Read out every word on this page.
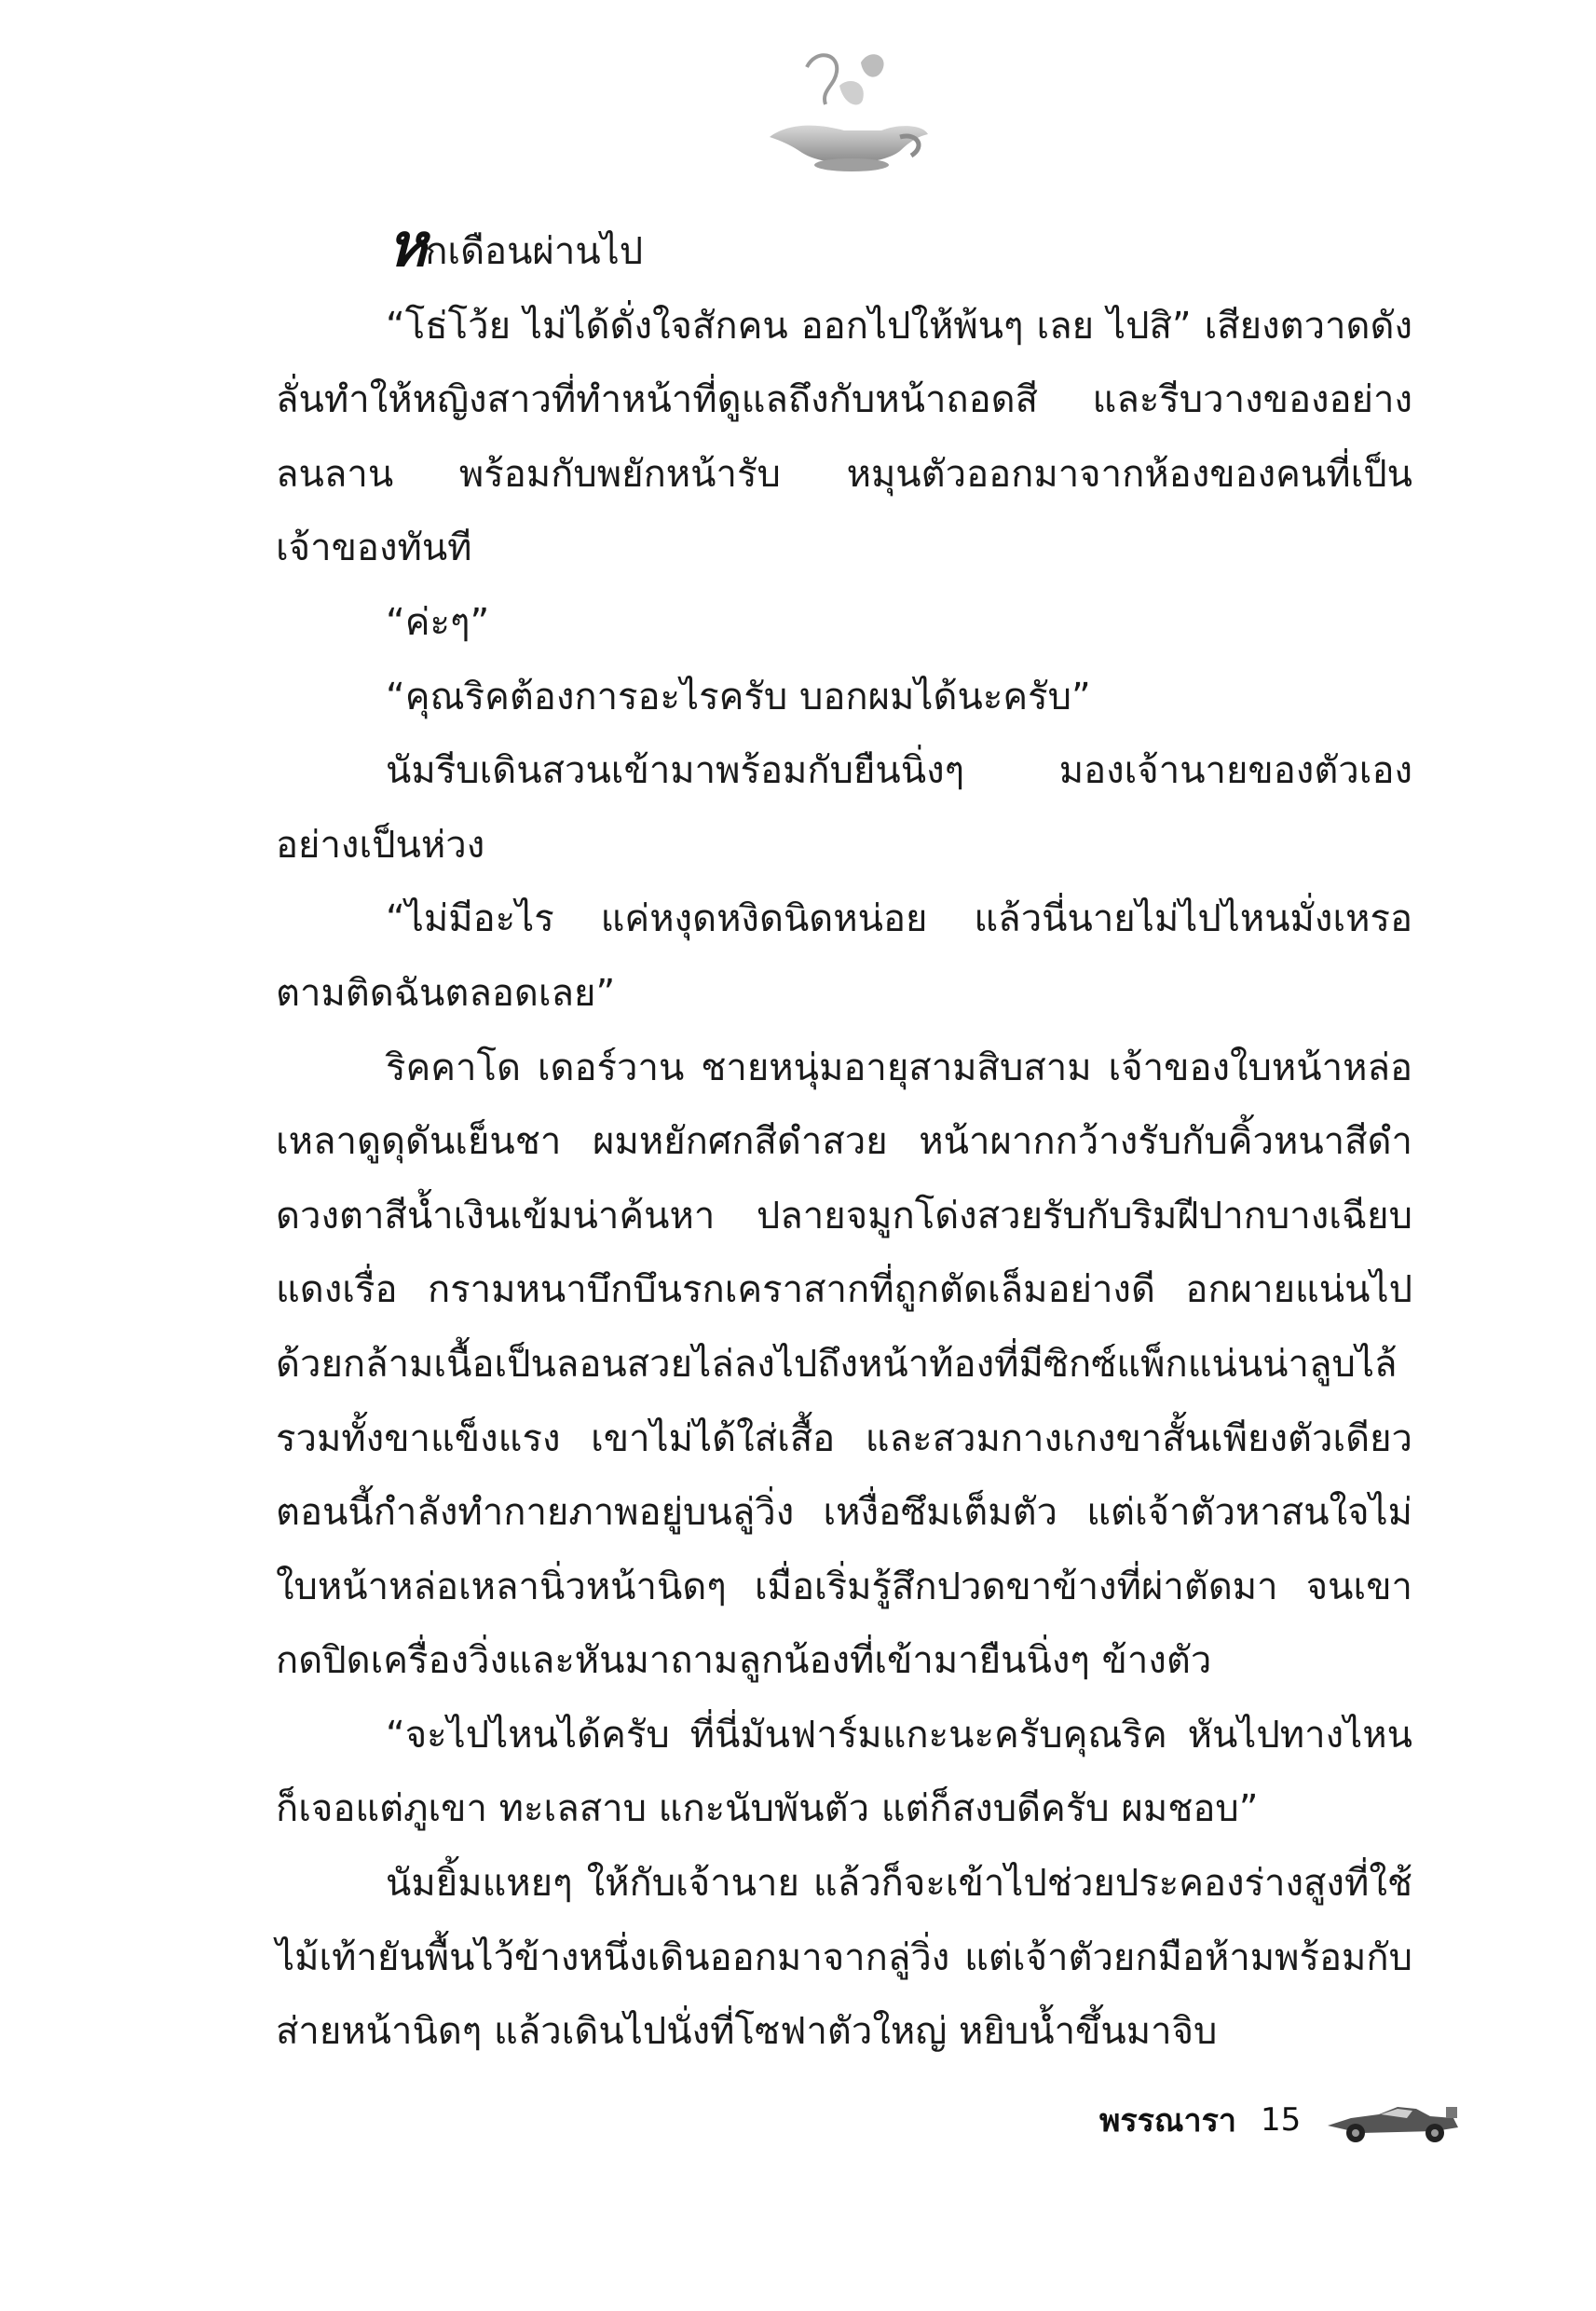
หกเดือนผ่านไป

“โธ่โว้ย ไม่ได้ดั่งใจสักคน ออกไปให้พ้นๆ เลย ไปสิ” เสียงตวาดดังลั่นทำให้หญิงสาวที่ทำหน้าที่ดูแลถึงกับหน้าถอดสี และรีบวางของอย่างลนลาน พร้อมกับพยักหน้ารับ หมุนตัวออกมาจากห้องของคนที่เป็นเจ้าของทันที

“ค่ะๆ”

“คุณริคต้องการอะไรครับ บอกผมได้นะครับ”

นัมรีบเดินสวนเข้ามาพร้อมกับยืนนิ่งๆ มองเจ้านายของตัวเองอย่างเป็นห่วง

“ไม่มีอะไร แค่หงุดหงิดนิดหน่อย แล้วนี่นายไม่ไปไหนมั่งเหรอตามติดฉันตลอดเลย”

ริคคาโด เดอร์วาน ชายหนุ่มอายุสามสิบสาม เจ้าของใบหน้าหล่อเหลาดูดุดันเย็นชา ผมหยักศกสีดำสวย หน้าผากกว้างรับกับคิ้วหนาสีดำ ดวงตาสีน้ำเงินเข้มน่าค้นหา ปลายจมูกโด่งสวยรับกับริมฝีปากบางเฉียบแดงเรื่อ กรามหนาบึกบึนรกเคราสากที่ถูกตัดเล็มอย่างดี อกผายแน่นไปด้วยกล้ามเนื้อเป็นลอนสวยไล่ลงไปถึงหน้าท้องที่มีซิกซ์แพ็กแน่นน่าลูบไล้ รวมทั้งขาแข็งแรง เขาไม่ได้ใส่เสื้อ และสวมกางเกงขาสั้นเพียงตัวเดียว ตอนนี้กำลังทำกายภาพอยู่บนลู่วิ่ง เหงื่อซึมเต็มตัว แต่เจ้าตัวหาสนใจไม่ ใบหน้าหล่อเหลานิ่วหน้านิดๆ เมื่อเริ่มรู้สึกปวดขาข้างที่ผ่าตัดมา จนเขากดปิดเครื่องวิ่งและหันมาถามลูกน้องที่เข้ามายืนนิ่งๆ ข้างตัว

“จะไปไหนได้ครับ ที่นี่มันฟาร์มแกะนะครับคุณริค หันไปทางไหนก็เจอแต่ภูเขา ทะเลสาบ แกะนับพันตัว แต่ก็สงบดีครับ ผมชอบ”

นัมยิ้มแหยๆ ให้กับเจ้านาย แล้วก็จะเข้าไปช่วยประคองร่างสูงที่ใช้ไม้เท้ายันพื้นไว้ข้างหนึ่งเดินออกมาจากลู่วิ่ง แต่เจ้าตัวยกมือห้ามพร้อมกับส่ายหน้านิดๆ แล้วเดินไปนั่งที่โซฟาตัวใหญ่ หยิบน้ำขึ้นมาจิบ

พรรณารา 15
